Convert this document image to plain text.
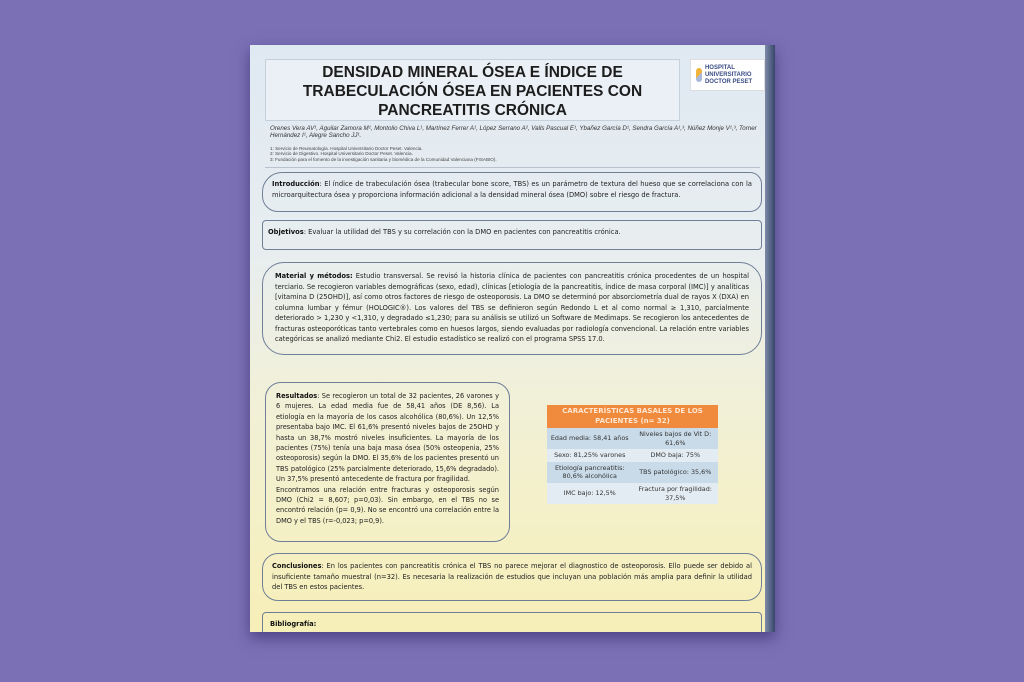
DENSIDAD MINERAL ÓSEA E ÍNDICE DE TRABECULACIÓN ÓSEA EN PACIENTES CON PANCREATITIS CRÓNICA
HOSPITAL UNIVERSITARIO DOCTOR PESET
Orenes Vera AV¹, Aguilar Zamora M¹, Montolio Chiva L¹, Martínez Ferrer A¹, López Serrano A², Valls Pascual E¹, Ybañez García D¹, Sendra García A¹,³, Núñez Monje V¹,³, Torner Hernández I¹, Alegre Sancho JJ¹.
1: Servicio de Reumatología. Hospital Universitario Doctor Peset. Valencia.
2: Servicio de Digestivo. Hospital Universitario Doctor Peset. Valencia.
3: Fundación para el fomento de la investigación sanitaria y biomédica de la Comunidad Valenciana (FISABIO).
Introducción: El índice de trabeculación ósea (trabecular bone score, TBS) es un parámetro de textura del hueso que se correlaciona con la microarquitectura ósea y proporciona información adicional a la densidad mineral ósea (DMO) sobre el riesgo de fractura.
Objetivos: Evaluar la utilidad del TBS y su correlación con la DMO en pacientes con pancreatitis crónica.
Material y métodos: Estudio transversal. Se revisó la historia clínica de pacientes con pancreatitis crónica procedentes de un hospital terciario. Se recogieron variables demográficas (sexo, edad), clínicas [etiología de la pancreatitis, índice de masa corporal (IMC)] y analíticas [vitamina D (25OHD)], así como otros factores de riesgo de osteoporosis. La DMO se determinó por absorciometría dual de rayos X (DXA) en columna lumbar y fémur (HOLOGIC®). Los valores del TBS se definieron según Redondo L et al como normal ≥ 1,310, parcialmente deteriorado > 1,230 y <1,310, y degradado ≤1,230; para su análisis se utilizó un Software de Medimaps. Se recogieron los antecedentes de fracturas osteoporóticas tanto vertebrales como en huesos largos, siendo evaluadas por radiología convencional. La relación entre variables categóricas se analizó mediante Chi2. El estudio estadístico se realizó con el programa SPSS 17.0.
Resultados: Se recogieron un total de 32 pacientes, 26 varones y 6 mujeres. La edad media fue de 58,41 años (DE 8,56). La etiología en la mayoría de los casos alcohólica (80,6%). Un 12,5% presentaba bajo IMC. El 61,6% presentó niveles bajos de 25OHD y hasta un 38,7% mostró niveles insuficientes. La mayoría de los pacientes (75%) tenía una baja masa ósea (50% osteopenia, 25% osteoporosis) según la DMO. El 35,6% de los pacientes presentó un TBS patológico (25% parcialmente deteriorado, 15,6% degradado). Un 37,5% presentó antecedente de fractura por fragilidad.
Encontramos una relación entre fracturas y osteoporosis según DMO (Chi2 = 8,607; p=0,03). Sin embargo, en el TBS no se encontró relación (p= 0,9). No se encontró una correlación entre la DMO y el TBS (r=-0,023; p=0,9).
CARACTERÍSTICAS BASALES DE LOS PACIENTES (n= 32)	
Edad media: 58,41 años	Niveles bajos de Vit D: 61,6%
Sexo: 81,25% varones	DMO baja: 75%
Etiología pancreatitis: 80,6% alcohólica	TBS patológico: 35,6%
IMC bajo: 12,5%	Fractura por fragilidad: 37,5%
Conclusiones: En los pacientes con pancreatitis crónica el TBS no parece mejorar el diagnostico de osteoporosis. Ello puede ser debido al insuficiente tamaño muestral (n=32). Es necesaria la realización de estudios que incluyan una población más amplia para definir la utilidad del TBS en estos pacientes.
Bibliografía:
